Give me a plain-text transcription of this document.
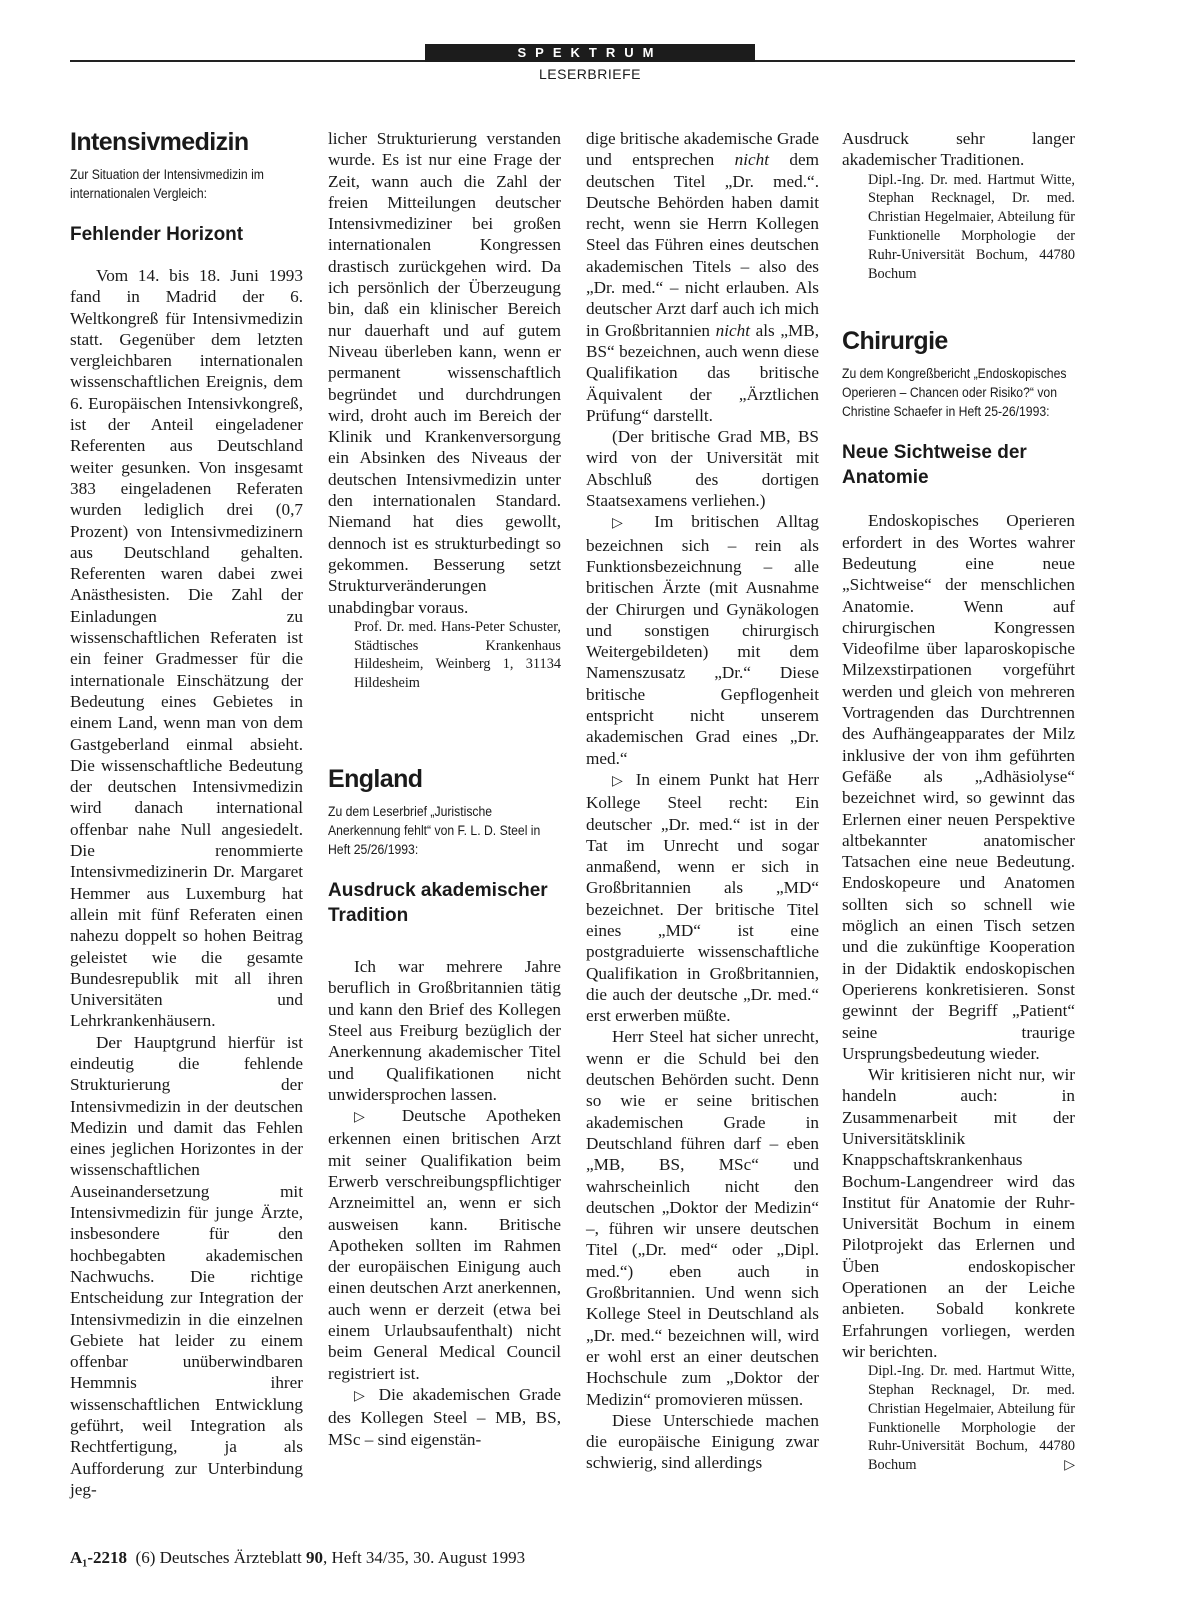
SPEKTRUM
LESERBRIEFE
Intensivmedizin
Zur Situation der Intensivmedizin im internationalen Vergleich:
Fehlender Horizont

Vom 14. bis 18. Juni 1993 fand in Madrid der 6. Weltkongreß für Intensivmedizin statt. Gegenüber dem letzten vergleichbaren internationalen wissenschaftlichen Ereignis, dem 6. Europäischen Intensivkongreß, ist der Anteil eingeladener Referenten aus Deutschland weiter gesunken. Von insgesamt 383 eingeladenen Referaten wurden lediglich drei (0,7 Prozent) von Intensivmedizinern aus Deutschland gehalten. Referenten waren dabei zwei Anästhesisten. Die Zahl der Einladungen zu wissenschaftlichen Referaten ist ein feiner Gradmesser für die internationale Einschätzung der Bedeutung eines Gebietes in einem Land, wenn man von dem Gastgeberland einmal absieht. Die wissenschaftliche Bedeutung der deutschen Intensivmedizin wird danach international offenbar nahe Null angesiedelt. Die renommierte Intensivmedizinerin Dr. Margaret Hemmer aus Luxemburg hat allein mit fünf Referaten einen nahezu doppelt so hohen Beitrag geleistet wie die gesamte Bundesrepublik mit all ihren Universitäten und Lehrkrankenhäusern.

Der Hauptgrund hierfür ist eindeutig die fehlende Strukturierung der Intensivmedizin in der deutschen Medizin und damit das Fehlen eines jeglichen Horizontes in der wissenschaftlichen Auseinandersetzung mit Intensivmedizin für junge Ärzte, insbesondere für den hochbegabten akademischen Nachwuchs. Die richtige Entscheidung zur Integration der Intensivmedizin in die einzelnen Gebiete hat leider zu einem offenbar unüberwindbaren Hemmnis ihrer wissenschaftlichen Entwicklung geführt, weil Integration als Rechtfertigung, ja als Aufforderung zur Unterbindung jeg-

licher Strukturierung verstanden wurde. Es ist nur eine Frage der Zeit, wann auch die Zahl der freien Mitteilungen deutscher Intensivmediziner bei großen internationalen Kongressen drastisch zurückgehen wird. Da ich persönlich der Überzeugung bin, daß ein klinischer Bereich nur dauerhaft und auf gutem Niveau überleben kann, wenn er permanent wissenschaftlich begründet und durchdrungen wird, droht auch im Bereich der Klinik und Krankenversorgung ein Absinken des Niveaus der deutschen Intensivmedizin unter den internationalen Standard. Niemand hat dies gewollt, dennoch ist es strukturbedingt so gekommen. Besserung setzt Strukturveränderungen unabdingbar voraus.

Prof. Dr. med. Hans-Peter Schuster, Städtisches Krankenhaus Hildesheim, Weinberg 1, 31134 Hildesheim

England
Zu dem Leserbrief „Juristische Anerkennung fehlt“ von F. L. D. Steel in Heft 25/26/1993:
Ausdruck akademischer Tradition

Ich war mehrere Jahre beruflich in Großbritannien tätig und kann den Brief des Kollegen Steel aus Freiburg bezüglich der Anerkennung akademischer Titel und Qualifikationen nicht unwidersprochen lassen.

▷ Deutsche Apotheken erkennen einen britischen Arzt mit seiner Qualifikation beim Erwerb verschreibungspflichtiger Arzneimittel an, wenn er sich ausweisen kann. Britische Apotheken sollten im Rahmen der europäischen Einigung auch einen deutschen Arzt anerkennen, auch wenn er derzeit (etwa bei einem Urlaubsaufenthalt) nicht beim General Medical Council registriert ist.

▷ Die akademischen Grade des Kollegen Steel – MB, BS, MSc – sind eigenstän-

dige britische akademische Grade und entsprechen nicht dem deutschen Titel „Dr. med.“. Deutsche Behörden haben damit recht, wenn sie Herrn Kollegen Steel das Führen eines deutschen akademischen Titels – also des „Dr. med.“ – nicht erlauben. Als deutscher Arzt darf auch ich mich in Großbritannien nicht als „MB, BS“ bezeichnen, auch wenn diese Qualifikation das britische Äquivalent der „Ärztlichen Prüfung“ darstellt.

(Der britische Grad MB, BS wird von der Universität mit Abschluß des dortigen Staatsexamens verliehen.)

▷ Im britischen Alltag bezeichnen sich – rein als Funktionsbezeichnung – alle britischen Ärzte (mit Ausnahme der Chirurgen und Gynäkologen und sonstigen chirurgisch Weitergebildeten) mit dem Namenszusatz „Dr.“ Diese britische Gepflogenheit entspricht nicht unserem akademischen Grad eines „Dr. med.“

▷ In einem Punkt hat Herr Kollege Steel recht: Ein deutscher „Dr. med.“ ist in der Tat im Unrecht und sogar anmaßend, wenn er sich in Großbritannien als „MD“ bezeichnet. Der britische Titel eines „MD“ ist eine postgraduierte wissenschaftliche Qualifikation in Großbritannien, die auch der deutsche „Dr. med.“ erst erwerben müßte.

Herr Steel hat sicher unrecht, wenn er die Schuld bei den deutschen Behörden sucht. Denn so wie er seine britischen akademischen Grade in Deutschland führen darf – eben „MB, BS, MSc“ und wahrscheinlich nicht den deutschen „Doktor der Medizin“ –, führen wir unsere deutschen Titel („Dr. med“ oder „Dipl. med.“) eben auch in Großbritannien. Und wenn sich Kollege Steel in Deutschland als „Dr. med.“ bezeichnen will, wird er wohl erst an einer deutschen Hochschule zum „Doktor der Medizin“ promovieren müssen.

Diese Unterschiede machen die europäische Einigung zwar schwierig, sind allerdings

Ausdruck sehr langer akademischer Traditionen.

Dipl.-Ing. Dr. med. Hartmut Witte, Stephan Recknagel, Dr. med. Christian Hegelmaier, Abteilung für Funktionelle Morphologie der Ruhr-Universität Bochum, 44780 Bochum

Chirurgie
Zu dem Kongreßbericht „Endoskopisches Operieren – Chancen oder Risiko?“ von Christine Schaefer in Heft 25-26/1993:
Neue Sichtweise der Anatomie

Endoskopisches Operieren erfordert in des Wortes wahrer Bedeutung eine neue „Sichtweise“ der menschlichen Anatomie. Wenn auf chirurgischen Kongressen Videofilme über laparoskopische Milzexstirpationen vorgeführt werden und gleich von mehreren Vortragenden das Durchtrennen des Aufhängeapparates der Milz inklusive der von ihm geführten Gefäße als „Adhäsiolyse“ bezeichnet wird, so gewinnt das Erlernen einer neuen Perspektive altbekannter anatomischer Tatsachen eine neue Bedeutung. Endoskopeure und Anatomen sollten sich so schnell wie möglich an einen Tisch setzen und die zukünftige Kooperation in der Didaktik endoskopischen Operierens konkretisieren. Sonst gewinnt der Begriff „Patient“ seine traurige Ursprungsbedeutung wieder.

Wir kritisieren nicht nur, wir handeln auch: in Zusammenarbeit mit der Universitätsklinik Knappschaftskrankenhaus Bochum-Langendreer wird das Institut für Anatomie der Ruhr-Universität Bochum in einem Pilotprojekt das Erlernen und Üben endoskopischer Operationen an der Leiche anbieten. Sobald konkrete Erfahrungen vorliegen, werden wir berichten.

Dipl.-Ing. Dr. med. Hartmut Witte, Stephan Recknagel, Dr. med. Christian Hegelmaier, Abteilung für Funktionelle Morphologie der Ruhr-Universität Bochum, 44780 Bochum	▷

A₁-2218 (6) Deutsches Ärzteblatt 90, Heft 34/35, 30. August 1993
